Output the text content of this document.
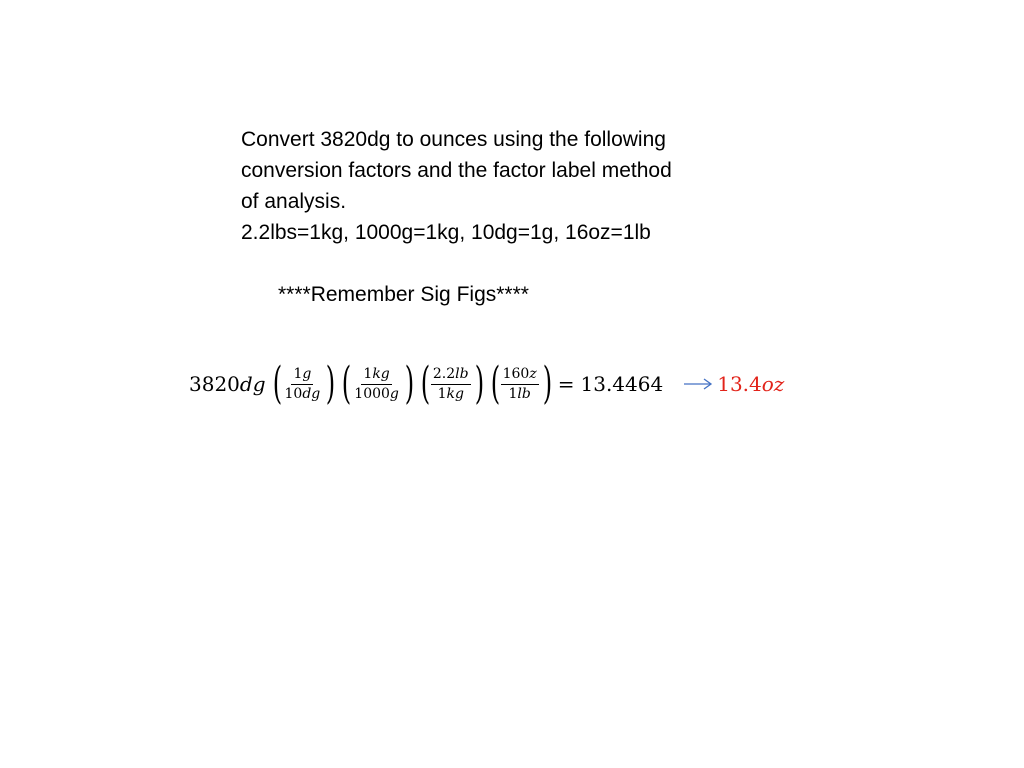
Convert 3820dg to ounces using the following
conversion factors and the factor label method
of analysis.
2.2lbs=1kg, 1000g=1kg, 10dg=1g, 16oz=1lb
****Remember Sig Figs****
3820 dg ( $\frac{1g}{10dg}$ ) ( $\frac{1kg}{1000g}$ ) ( $\frac{2.2lb}{1kg}$ ) ( $\frac{160z}{1lb}$ ) = 13.4464	13.4oz
